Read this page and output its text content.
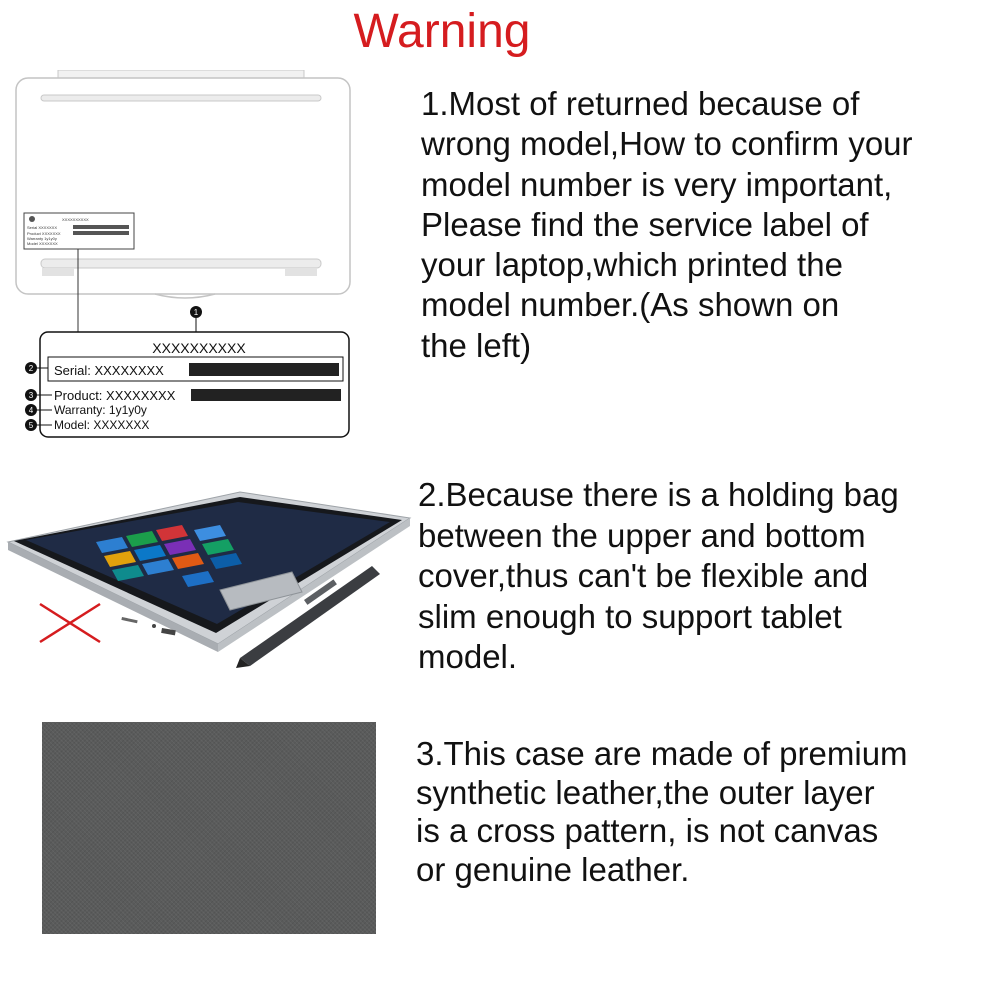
Warning
XXXXXXXXXX
Serial XXXXXXX
Product XXXXXXX
Warranty 1y1y0y
Model XXXXXXX
1
XXXXXXXXXX
Serial: XXXXXXXX
Product: XXXXXXXX
Warranty: 1y1y0y
Model: XXXXXXX
2
3
4
5

1.Most of returned because of
wrong model,How to confirm your
model number is very important,
Please find the service label of
your laptop,which printed the
model number.(As shown on
the left)

2.Because there is a holding bag
between the upper and bottom
cover,thus can't be flexible and
slim enough to support tablet
model.

3.This case are made of premium
synthetic leather,the outer layer
is a cross pattern, is not canvas
or genuine leather.
